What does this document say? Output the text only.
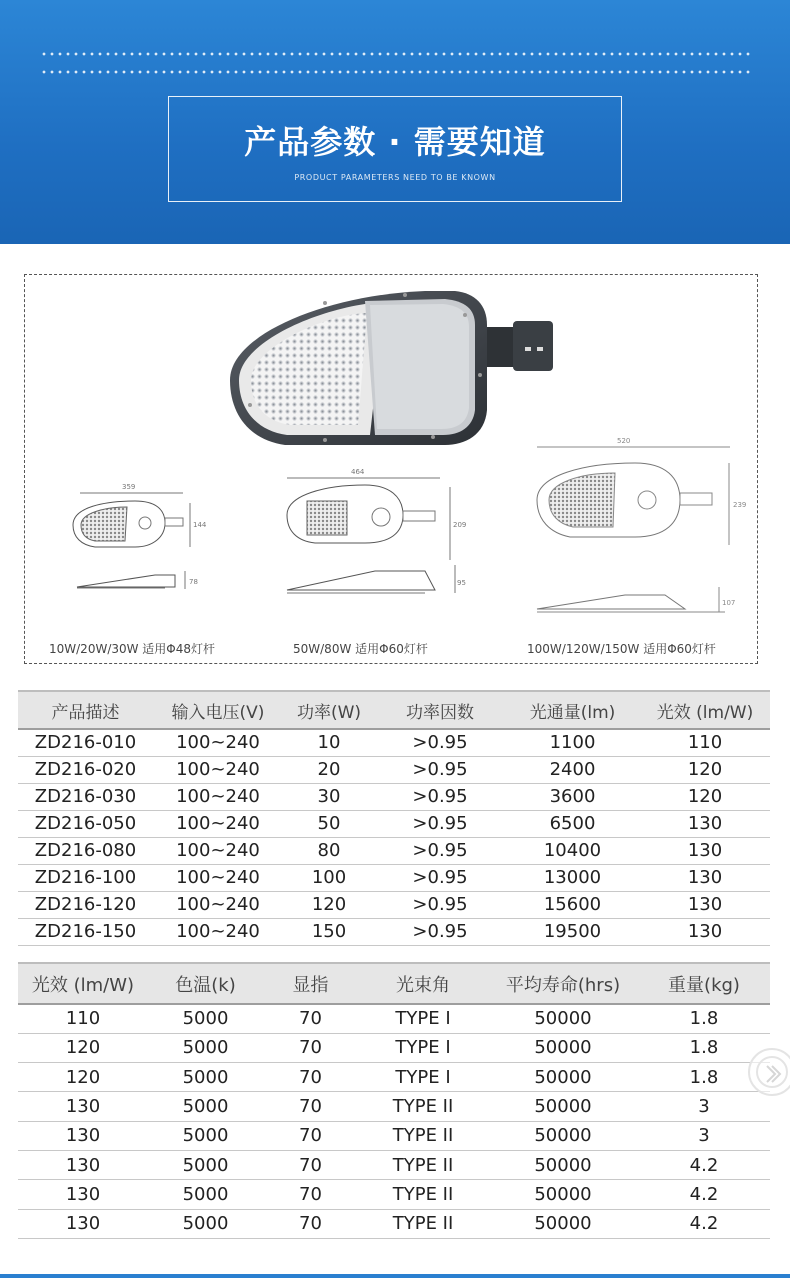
产品参数 · 需要知道
PRODUCT PARAMETERS NEED TO BE KNOWN
359
144
78
464
209
95
520
239
107
10W/20W/30W 适用Φ48灯杆	50W/80W 适用Φ60灯杆	100W/120W/150W 适用Φ60灯杆
产品描述	输入电压(V)	功率(W)	功率因数	光通量(lm)	光效 (lm/W)
ZD216-010	100~240	10	>0.95	1100	110
ZD216-020	100~240	20	>0.95	2400	120
ZD216-030	100~240	30	>0.95	3600	120
ZD216-050	100~240	50	>0.95	6500	130
ZD216-080	100~240	80	>0.95	10400	130
ZD216-100	100~240	100	>0.95	13000	130
ZD216-120	100~240	120	>0.95	15600	130
ZD216-150	100~240	150	>0.95	19500	130
光效 (lm/W)	色温(k)	显指	光束角	平均寿命(hrs)	重量(kg)
110	5000	70	TYPE I	50000	1.8
120	5000	70	TYPE I	50000	1.8
120	5000	70	TYPE I	50000	1.8
130	5000	70	TYPE II	50000	3
130	5000	70	TYPE II	50000	3
130	5000	70	TYPE II	50000	4.2
130	5000	70	TYPE II	50000	4.2
130	5000	70	TYPE II	50000	4.2
